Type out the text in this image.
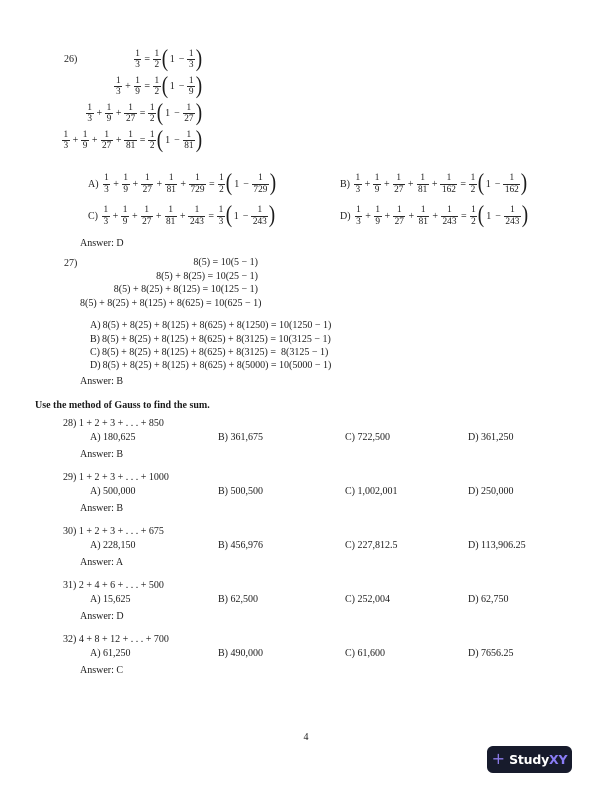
26)	$\frac{1}{3} = \frac{1}{2}$ ( $1 - \frac{1}{3}$ )
$\frac{1}{3} + \frac{1}{9} = \frac{1}{2}$ ( $1 - \frac{1}{9}$ )
$\frac{1}{3} + \frac{1}{9} + \frac{1}{27} = \frac{1}{2}$ ( $1 - \frac{1}{27}$ )
$\frac{1}{3} + \frac{1}{9} + \frac{1}{27} + \frac{1}{81} = \frac{1}{2}$ ( $1 - \frac{1}{81}$ )
$A) \frac{1}{3} + \frac{1}{9} + \frac{1}{27} + \frac{1}{81} + \frac{1}{729} = \frac{1}{2}$ ( $1 - \frac{1}{729}$ )	$B) \frac{1}{3} + \frac{1}{9} + \frac{1}{27} + \frac{1}{81} + \frac{1}{162} = \frac{1}{2}$ ( $1 - \frac{1}{162}$ )
$C) \frac{1}{3} + \frac{1}{9} + \frac{1}{27} + \frac{1}{81} + \frac{1}{243} = \frac{1}{3}$ ( $1 - \frac{1}{243}$ )	$D) \frac{1}{3} + \frac{1}{9} + \frac{1}{27} + \frac{1}{81} + \frac{1}{243} = \frac{1}{2}$ ( $1 - \frac{1}{243}$ )
Answer: D
27)	8(5) = 10(5 − 1)
8(5) + 8(25) = 10(25 − 1)
8(5) + 8(25) + 8(125) = 10(125 − 1)
8(5) + 8(25) + 8(125) + 8(625) = 10(625 − 1)
A) 8(5) + 8(25) + 8(125) + 8(625) + 8(1250) = 10(1250 − 1)
B) 8(5) + 8(25) + 8(125) + 8(625) + 8(3125) = 10(3125 − 1)
C) 8(5) + 8(25) + 8(125) + 8(625) + 8(3125) =  8(3125 − 1)
D) 8(5) + 8(25) + 8(125) + 8(625) + 8(5000) = 10(5000 − 1)
Answer: B
Use the method of Gauss to find the sum.
28) 1 + 2 + 3 + . . . + 850
A) 180,625	B) 361,675	C) 722,500	D) 361,250
Answer: B
29) 1 + 2 + 3 + . . . + 1000
A) 500,000	B) 500,500	C) 1,002,001	D) 250,000
Answer: B
30) 1 + 2 + 3 + . . . + 675
A) 228,150	B) 456,976	C) 227,812.5	D) 113,906.25
Answer: A
31) 2 + 4 + 6 + . . . + 500
A) 15,625	B) 62,500	C) 252,004	D) 62,750
Answer: D
32) 4 + 8 + 12 + . . . + 700
A) 61,250	B) 490,000	C) 61,600	D) 7656.25
Answer: C
4
+ StudyXY
